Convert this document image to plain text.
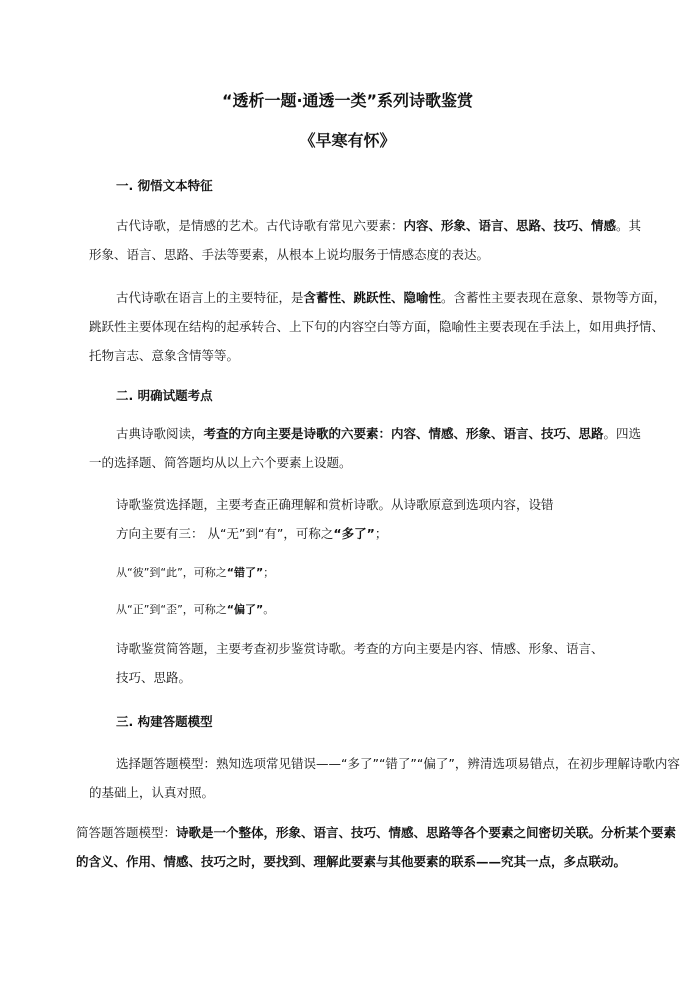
“透析一题·通透一类”系列诗歌鉴赏
《早寒有怀》
一. 彻悟文本特征
古代诗歌，是情感的艺术。古代诗歌有常见六要素：内容、形象、语言、思路、技巧、情感。其
形象、语言、思路、手法等要素，从根本上说均服务于情感态度的表达。
古代诗歌在语言上的主要特征，是含蓄性、跳跃性、隐喻性。含蓄性主要表现在意象、景物等方面，
跳跃性主要体现在结构的起承转合、上下句的内容空白等方面，隐喻性主要表现在手法上，如用典抒情、
托物言志、意象含情等等。
二. 明确试题考点
古典诗歌阅读，考查的方向主要是诗歌的六要素：内容、情感、形象、语言、技巧、思路。四选
一的选择题、简答题均从以上六个要素上设题。
诗歌鉴赏选择题，主要考查正确理解和赏析诗歌。从诗歌原意到选项内容，设错
方向主要有三： 从“无”到“有”，可称之“多了”；
从“彼”到“此”，可称之“错了”；
从“正”到“歪”，可称之“偏了”。
诗歌鉴赏简答题，主要考查初步鉴赏诗歌。考查的方向主要是内容、情感、形象、语言、
技巧、思路。
三. 构建答题模型
选择题答题模型：熟知选项常见错误——“多了”“错了”“偏了”，辨清选项易错点，在初步理解诗歌内容
的基础上，认真对照。
简答题答题模型：诗歌是一个整体，形象、语言、技巧、情感、思路等各个要素之间密切关联。分析某个要素
的含义、作用、情感、技巧之时，要找到、理解此要素与其他要素的联系——究其一点，多点联动。
